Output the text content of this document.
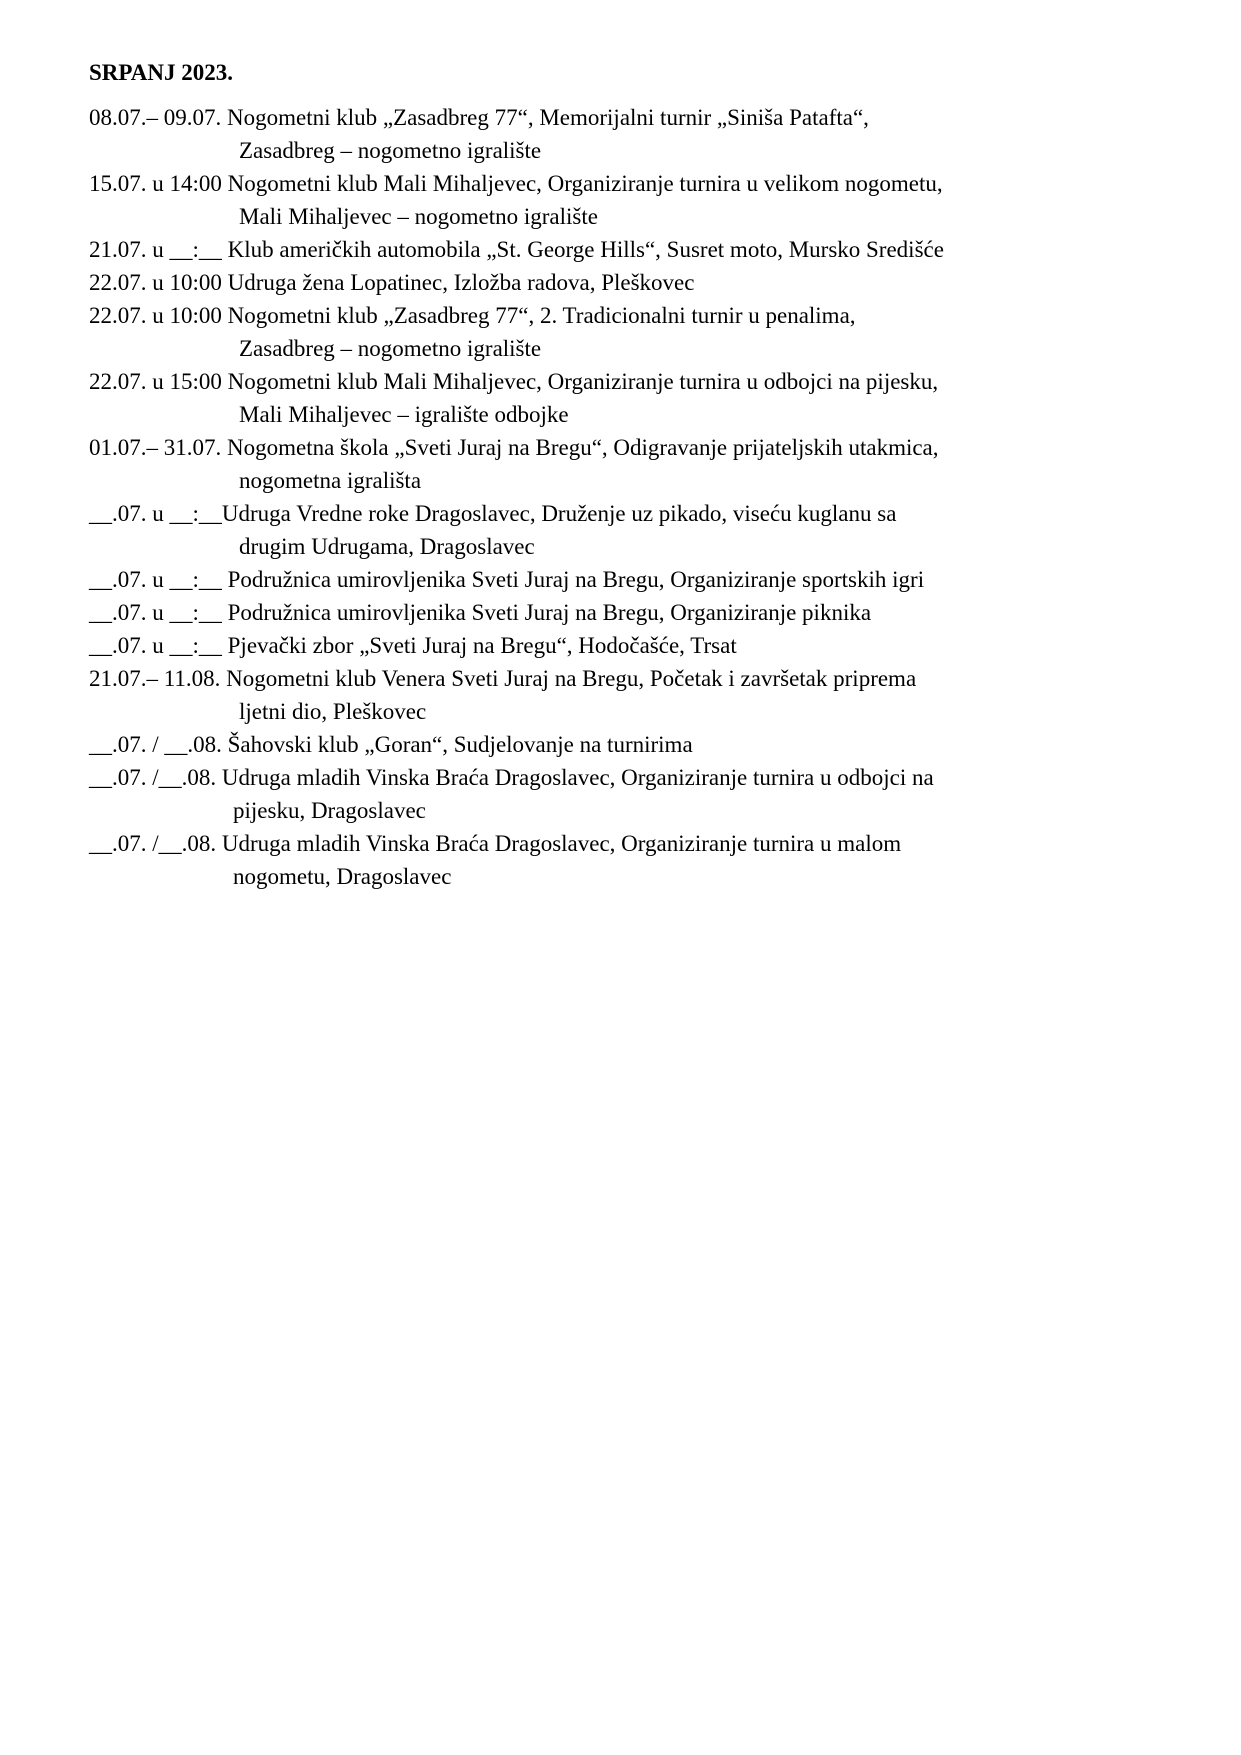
SRPANJ 2023.
08.07.– 09.07. Nogometni klub „Zasadbreg 77“, Memorijalni turnir „Siniša Patafta“,
Zasadbreg – nogometno igralište
15.07. u 14:00 Nogometni klub Mali Mihaljevec, Organiziranje turnira u velikom nogometu,
Mali Mihaljevec – nogometno igralište
21.07. u __:__ Klub američkih automobila „St. George Hills“, Susret moto, Mursko Središće
22.07. u 10:00 Udruga žena Lopatinec, Izložba radova, Pleškovec
22.07. u 10:00 Nogometni klub „Zasadbreg 77“, 2. Tradicionalni turnir u penalima,
Zasadbreg – nogometno igralište
22.07. u 15:00 Nogometni klub Mali Mihaljevec, Organiziranje turnira u odbojci na pijesku,
Mali Mihaljevec – igralište odbojke
01.07.– 31.07. Nogometna škola „Sveti Juraj na Bregu“, Odigravanje prijateljskih utakmica,
nogometna igrališta
__.07. u __:__Udruga Vredne roke Dragoslavec, Druženje uz pikado, viseću kuglanu sa
drugim Udrugama, Dragoslavec
__.07. u __:__ Podružnica umirovljenika Sveti Juraj na Bregu, Organiziranje sportskih igri
__.07. u __:__ Podružnica umirovljenika Sveti Juraj na Bregu, Organiziranje piknika
__.07. u __:__ Pjevački zbor „Sveti Juraj na Bregu“, Hodočašće, Trsat
21.07.– 11.08. Nogometni klub Venera Sveti Juraj na Bregu, Početak i završetak priprema
ljetni dio, Pleškovec
__.07. / __.08. Šahovski klub „Goran“, Sudjelovanje na turnirima
__.07. /__.08. Udruga mladih Vinska Braća Dragoslavec, Organiziranje turnira u odbojci na
pijesku, Dragoslavec
__.07. /__.08. Udruga mladih Vinska Braća Dragoslavec, Organiziranje turnira u malom
nogometu, Dragoslavec
